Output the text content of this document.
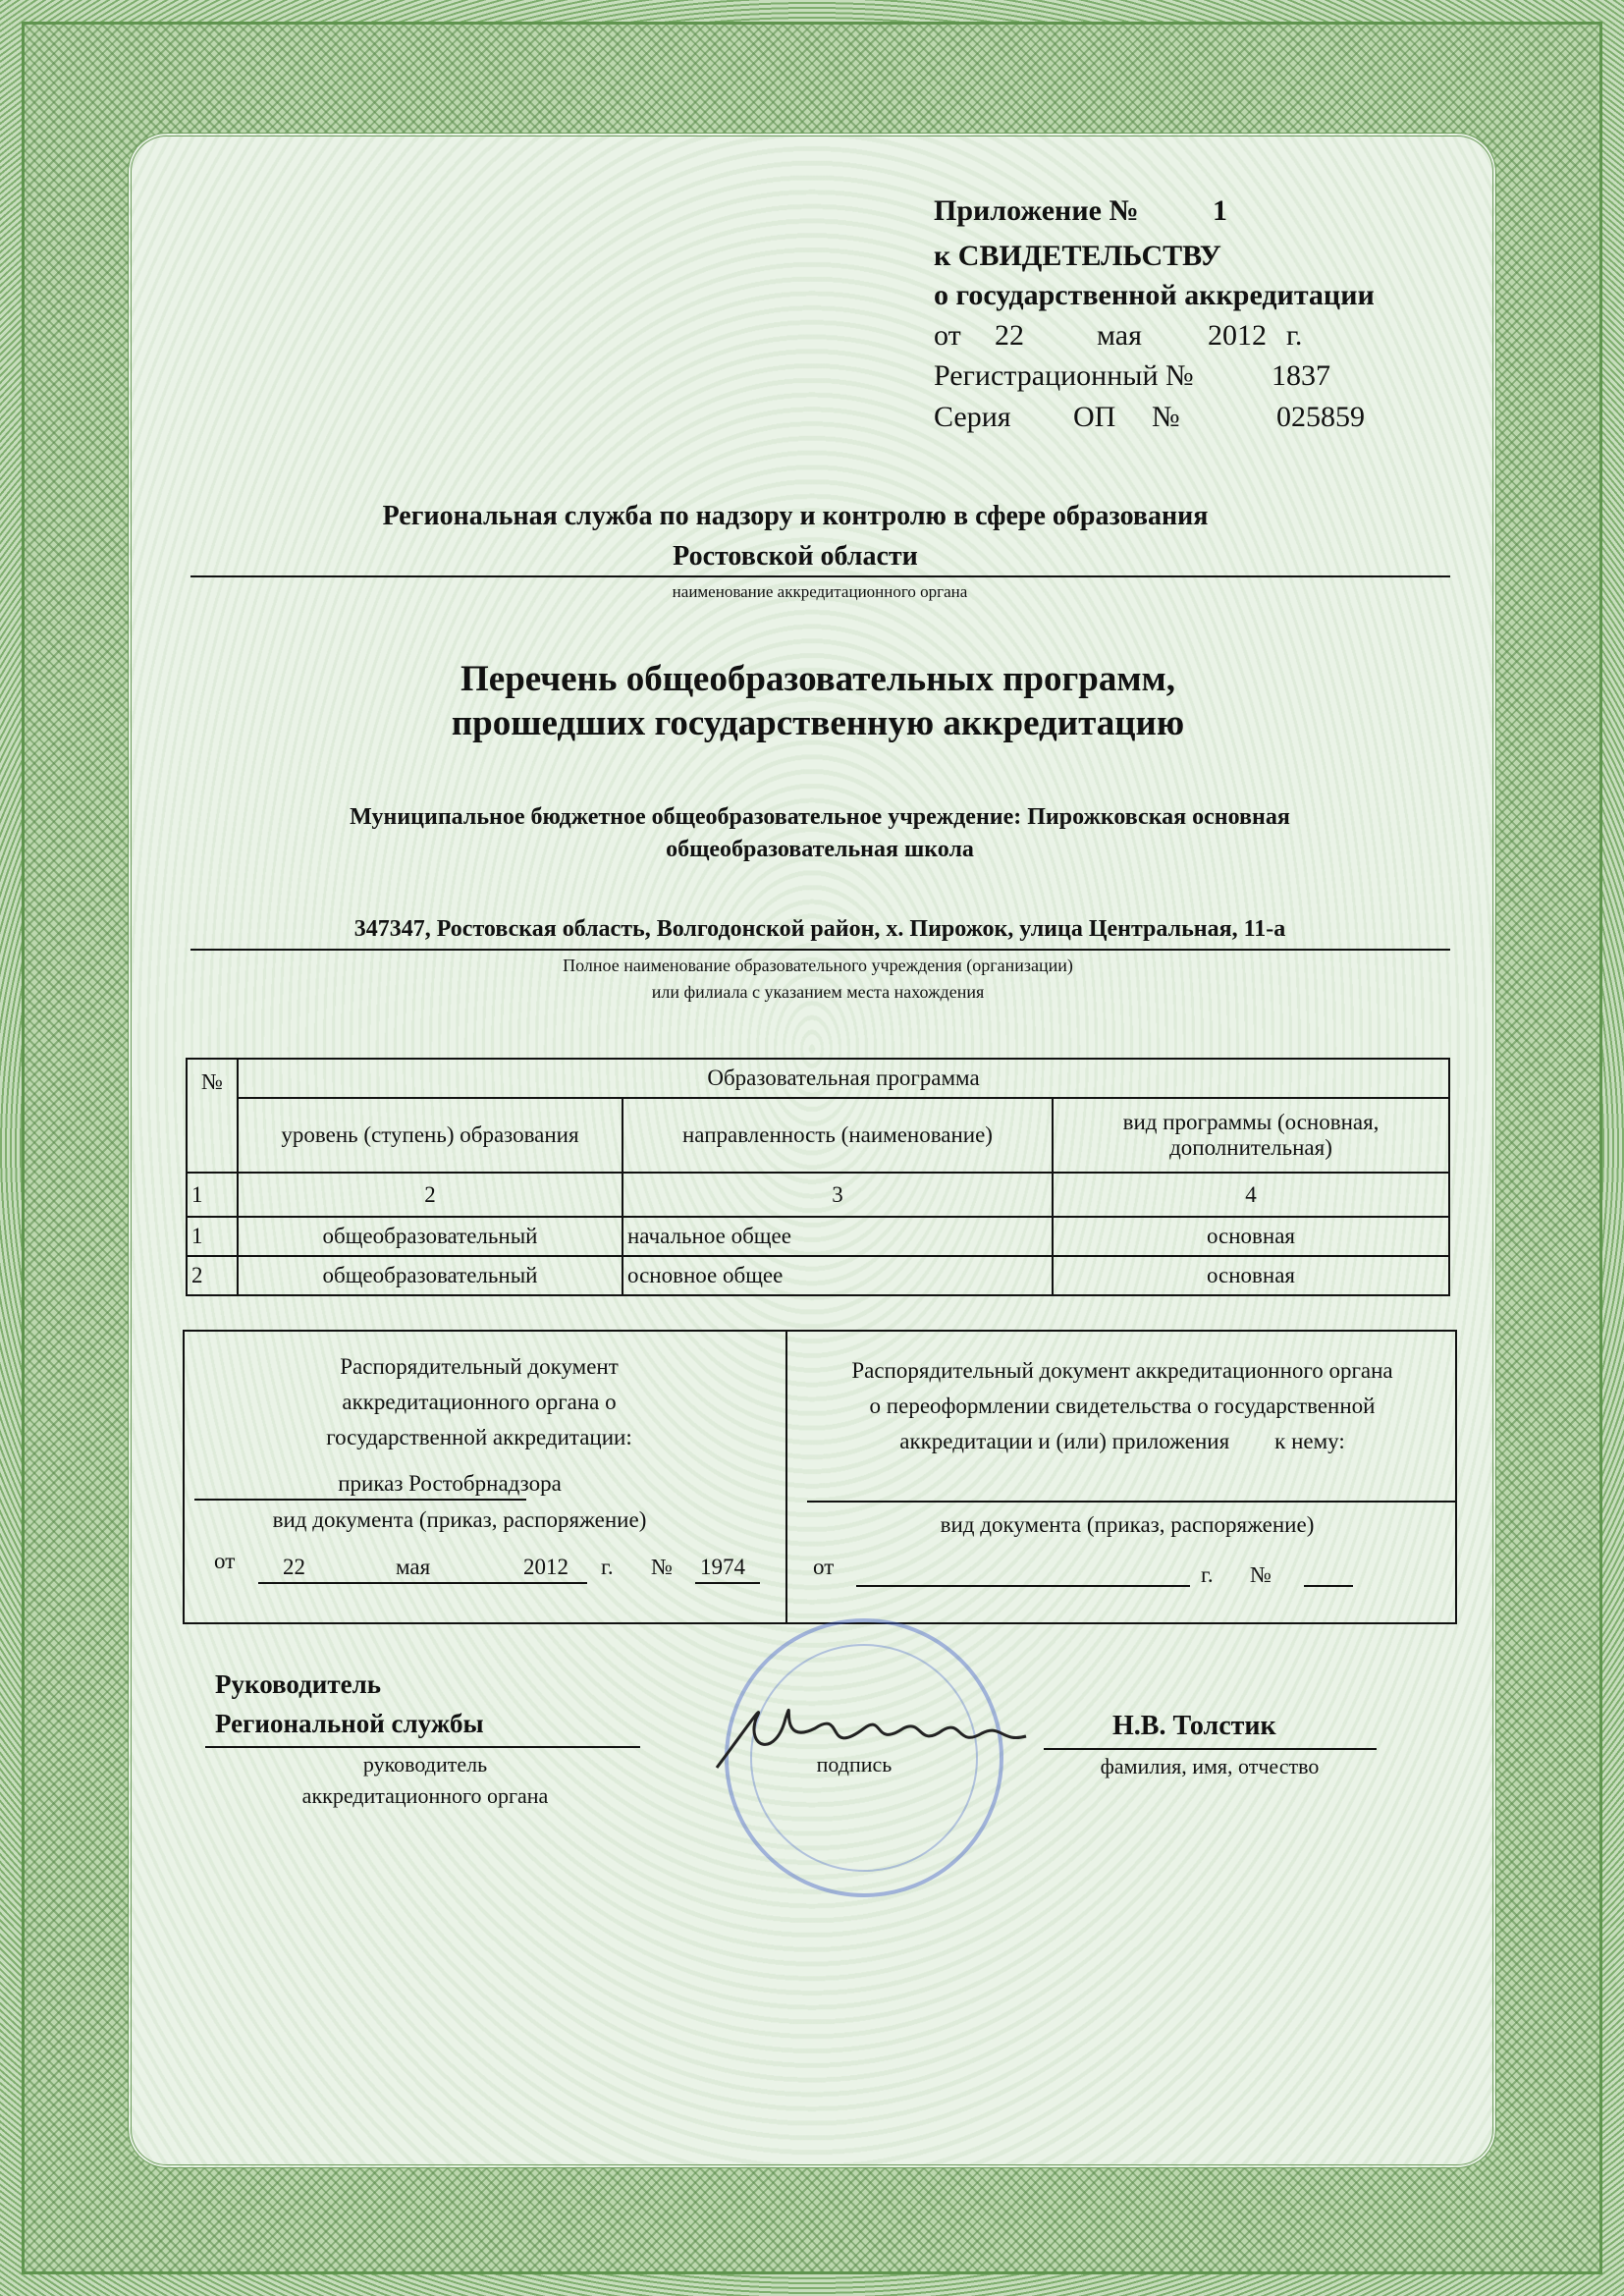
Приложение №	1
к СВИДЕТЕЛЬСТВУ
о государственной аккредитации
от 22 мая 2012 г.
Регистрационный №	1837
Серия ОП №	025859
Региональная служба по надзору и контролю в сфере образования
Ростовской области
наименование аккредитационного органа
Перечень общеобразовательных программ,
прошедших государственную аккредитацию
Муниципальное бюджетное общеобразовательное учреждение: Пирожковская основная
общеобразовательная школа
347347, Ростовская область, Волгодонской район, х. Пирожок, улица Центральная, 11-а
Полное наименование образовательного учреждения (организации)
или филиала с указанием места нахождения
№	Образовательная программа		
	уровень (ступень) образования	направленность (наименование)	вид программы (основная, дополнительная)
1	2	3	4
1	общеобразовательный	начальное общее	основная
2	общеобразовательный	основное общее	основная
Распорядительный документ
аккредитационного органа о
государственной аккредитации:
приказ Ростобрнадзора
вид документа (приказ, распоряжение)
от 22	мая	2012 г. № 1974
Распорядительный документ аккредитационного органа
о переоформлении свидетельства о государственной
аккредитации и (или) приложения        к нему:
вид документа (приказ, распоряжение)
от	г. №
Руководитель
Региональной службы
руководитель
аккредитационного органа
подпись
Н.В. Толстик
фамилия, имя, отчество
